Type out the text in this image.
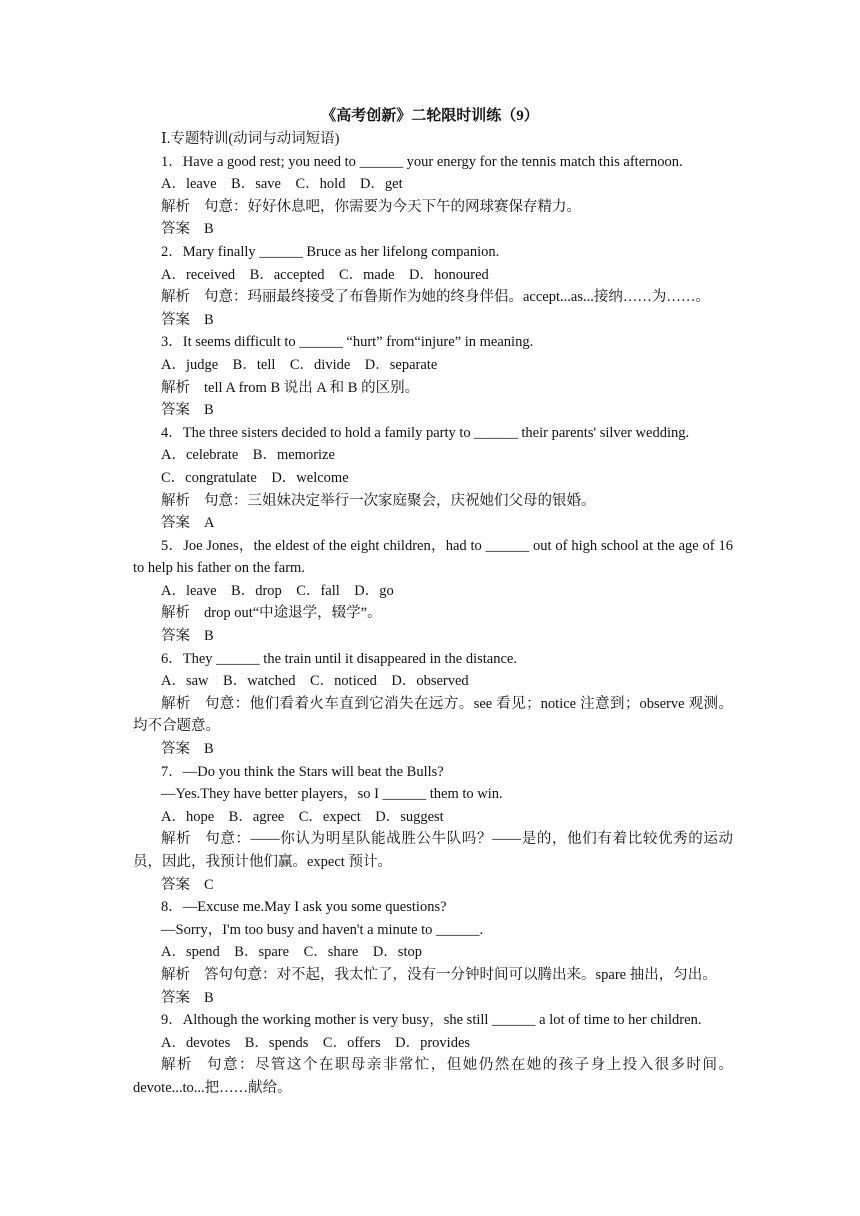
《高考创新》二轮限时训练（9）
Ⅰ.专题特训(动词与动词短语)
1．Have a good rest; you need to ______ your energy for the tennis match this afternoon.
A．leave　B．save　C．hold　D．get
解析 句意：好好休息吧，你需要为今天下午的网球赛保存精力。
答案 B
2．Mary finally ______ Bruce as her lifelong companion.
A．received　B．accepted　C．made　D．honoured
解析 句意：玛丽最终接受了布鲁斯作为她的终身伴侣。accept...as...接纳……为……。
答案 B
3．It seems difficult to ______ “hurt” from“injure” in meaning.
A．judge　B．tell　C．divide　D．separate
解析 tell A from B 说出 A 和 B 的区别。
答案 B
4．The three sisters decided to hold a family party to ______ their parents' silver wedding.
A．celebrate　B．memorize
C．congratulate　D．welcome
解析 句意：三姐妹决定举行一次家庭聚会，庆祝她们父母的银婚。
答案 A
5．Joe Jones，the eldest of the eight children，had to ______ out of high school at the age of 16 to help his father on the farm.
A．leave　B．drop　C．fall　D．go
解析 drop out“中途退学，辍学”。
答案 B
6．They ______ the train until it disappeared in the distance.
A．saw　B．watched　C．noticed　D．observed
解析 句意：他们看着火车直到它消失在远方。see 看见；notice 注意到；observe 观测。均不合题意。
答案 B
7．—Do you think the Stars will beat the Bulls?
—Yes.They have better players，so I ______ them to win.
A．hope　B．agree　C．expect　D．suggest
解析 句意：——你认为明星队能战胜公牛队吗？——是的，他们有着比较优秀的运动员，因此，我预计他们赢。expect 预计。
答案 C
8．—Excuse me.May I ask you some questions?
—Sorry，I'm too busy and haven't a minute to ______.
A．spend　B．spare　C．share　D．stop
解析 答句句意：对不起，我太忙了，没有一分钟时间可以腾出来。spare 抽出，匀出。
答案 B
9．Although the working mother is very busy，she still ______ a lot of time to her children.
A．devotes　B．spends　C．offers　D．provides
解析 句意：尽管这个在职母亲非常忙，但她仍然在她的孩子身上投入很多时间。devote...to...把……献给。
